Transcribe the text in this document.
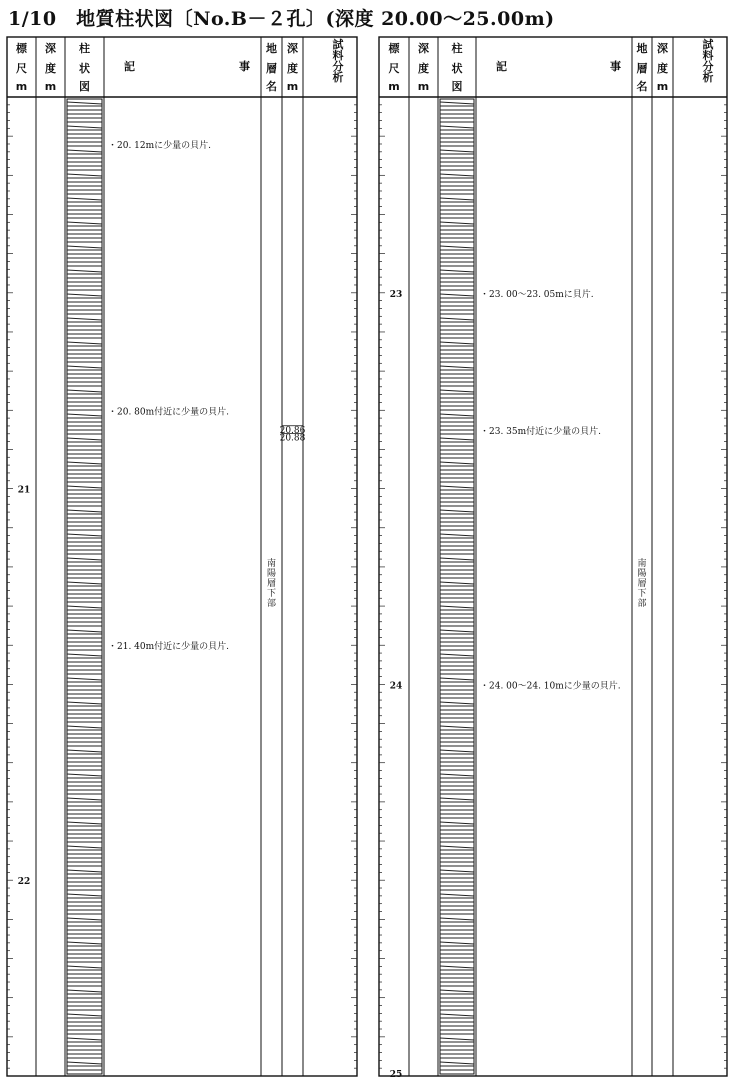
1/10　地質柱状図〔No.B－２孔〕(深度 20.00～25.00m)
標
尺
m
深
度
m
柱
状
図
地
層
名
深
度
m
試
料
分
析
記	事
21
22
・20. 12mに少量の貝片.
・20. 80m付近に少量の貝片.
・21. 40m付近に少量の貝片.
南
陽
層
下
部
20.86
20.88
標
尺
m
深
度
m
柱
状
図
地
層
名
深
度
m
試
料
分
析
記	事
23
24
25
・23. 00～23. 05mに貝片.
・23. 35m付近に少量の貝片.
・24. 00～24. 10mに少量の貝片.
南
陽
層
下
部
